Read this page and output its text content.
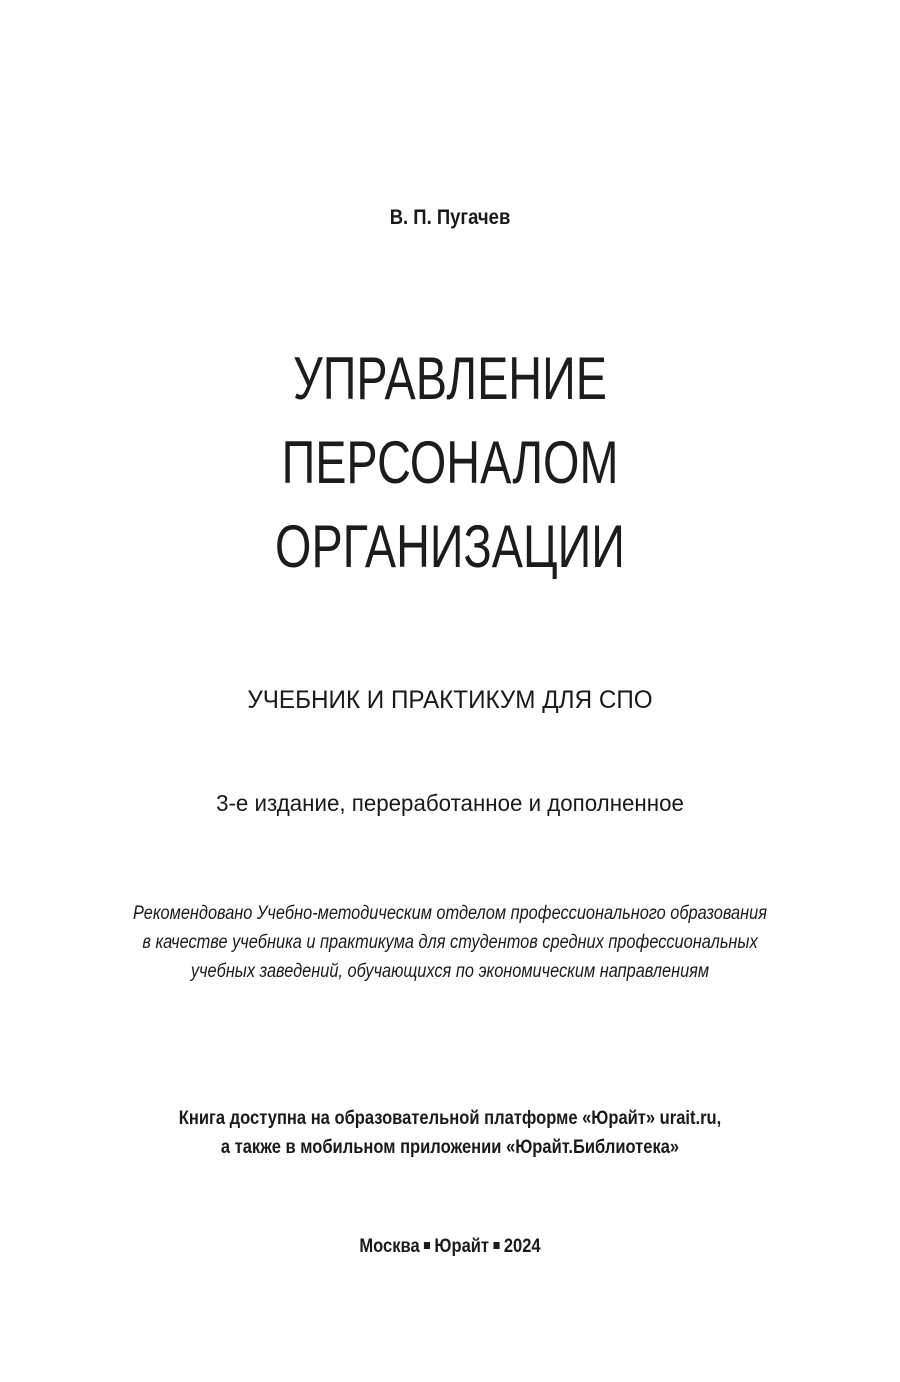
В. П. Пугачев
УПРАВЛЕНИЕ
ПЕРСОНАЛОМ
ОРГАНИЗАЦИИ
УЧЕБНИК И ПРАКТИКУМ ДЛЯ СПО
3-е издание, переработанное и дополненное
Рекомендовано Учебно-методическим отделом профессионального образования
в качестве учебника и практикума для студентов средних профессиональных
учебных заведений, обучающихся по экономическим направлениям
Книга доступна на образовательной платформе «Юрайт» urait.ru,
а также в мобильном приложении «Юрайт.Библиотека»
Москва Юрайт 2024
